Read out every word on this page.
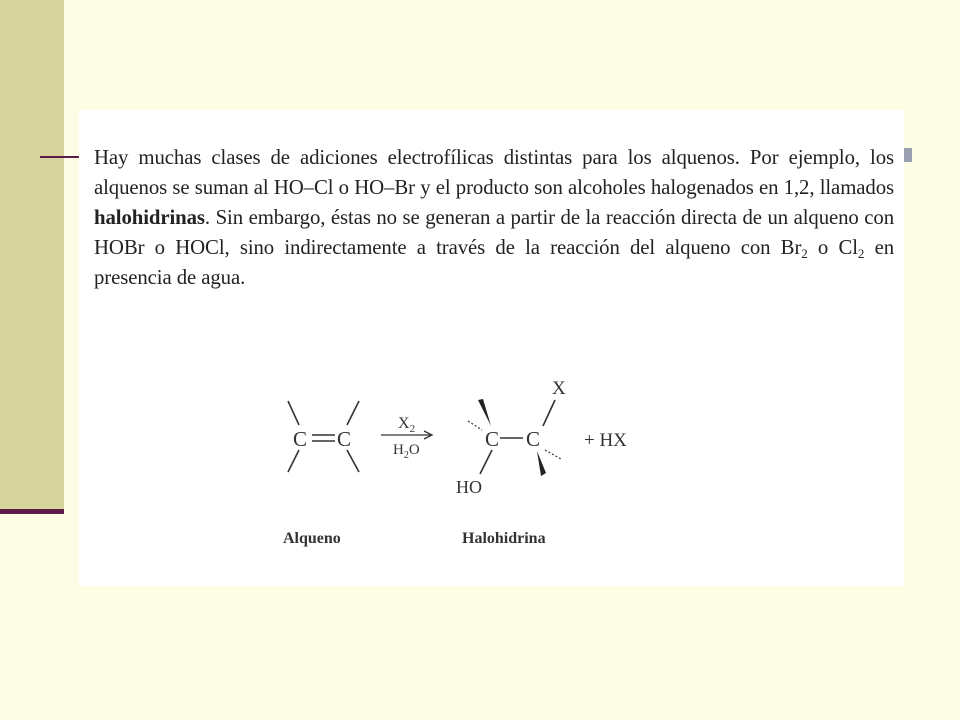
Hay muchas clases de adiciones electrofílicas distintas para los alquenos. Por ejemplo, los alquenos se suman al HO–Cl o HO–Br y el producto son alcoholes halogenados en 1,2, llamados halohidrinas. Sin embargo, éstas no se generan a partir de la reacción directa de un alqueno con HOBr o HOCl, sino indirectamente a través de la reacción del alqueno con $Br_2$ o $Cl_2$ en presencia de agua.

C C
$X_2$
$H_2O$	C C
HO
X
+ HX
Alqueno	Halohidrina
